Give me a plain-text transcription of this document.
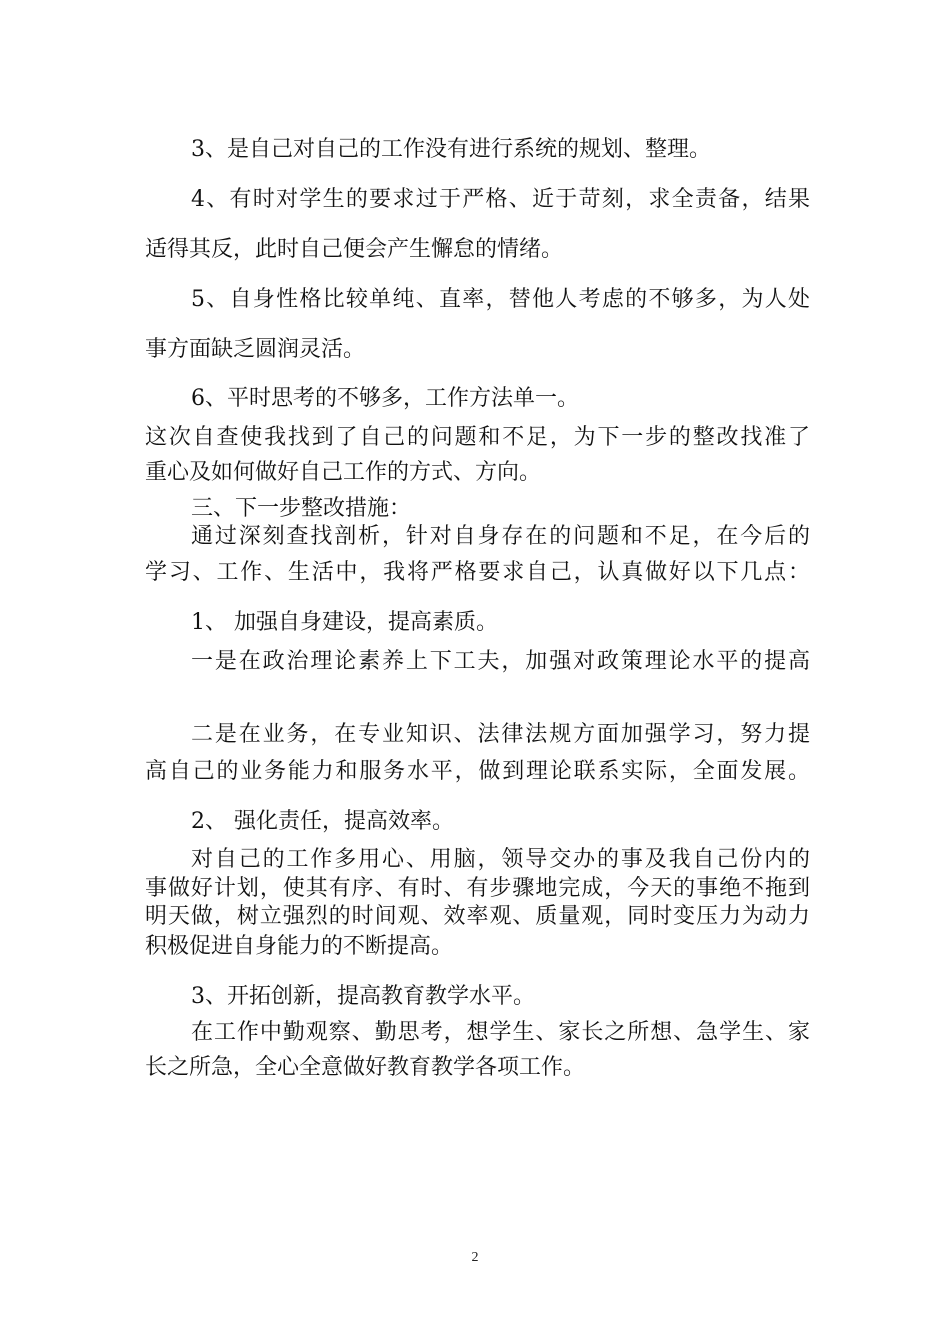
3、是自己对自己的工作没有进行系统的规划、整理。
4、有时对学生的要求过于严格、近于苛刻，求全责备，结果
适得其反，此时自己便会产生懈怠的情绪。
5、自身性格比较单纯、直率，替他人考虑的不够多，为人处
事方面缺乏圆润灵活。
6、平时思考的不够多，工作方法单一。
这次自查使我找到了自己的问题和不足，为下一步的整改找准了
重心及如何做好自己工作的方式、方向。
三、下一步整改措施：
通过深刻查找剖析，针对自身存在的问题和不足，在今后的
学习、工作、生活中，我将严格要求自己，认真做好以下几点：
1、 加强自身建设，提高素质。
一是在政治理论素养上下工夫，加强对政策理论水平的提高
二是在业务，在专业知识、法律法规方面加强学习，努力提
高自己的业务能力和服务水平，做到理论联系实际，全面发展。
2、 强化责任，提高效率。
对自己的工作多用心、用脑，领导交办的事及我自己份内的
事做好计划，使其有序、有时、有步骤地完成，今天的事绝不拖到
明天做，树立强烈的时间观、效率观、质量观，同时变压力为动力
积极促进自身能力的不断提高。
3、开拓创新，提高教育教学水平。
在工作中勤观察、勤思考，想学生、家长之所想、急学生、家
长之所急，全心全意做好教育教学各项工作。
2
